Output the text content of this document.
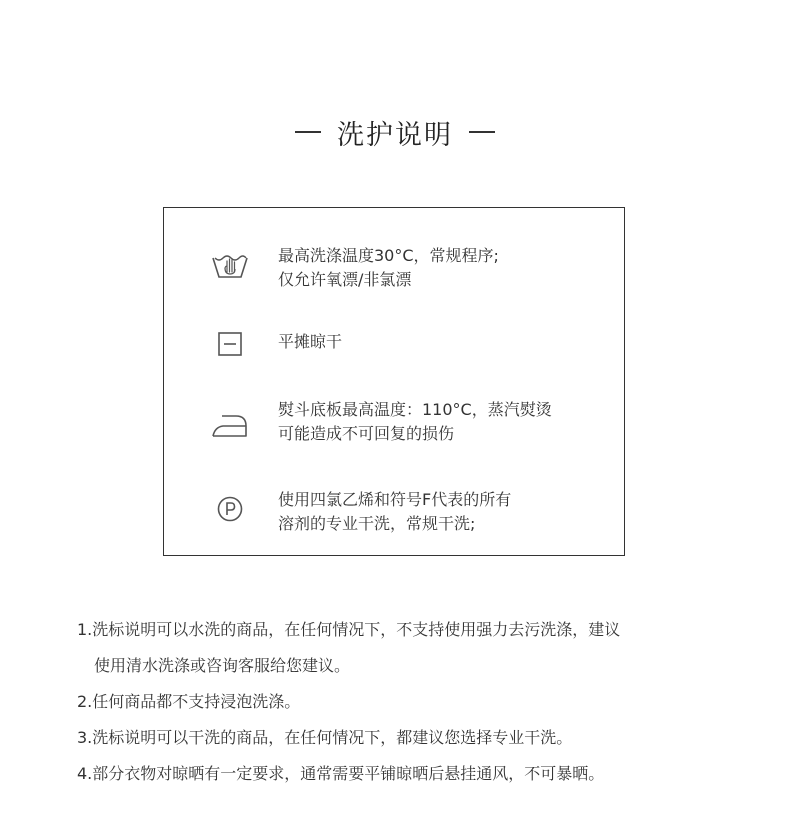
洗护说明
最高洗涤温度30°C，常规程序;
仅允许氧漂/非氯漂
平摊晾干
熨斗底板最高温度：110°C，蒸汽熨烫
可能造成不可回复的损伤
使用四氯乙烯和符号F代表的所有
溶剂的专业干洗，常规干洗;
1.洗标说明可以水洗的商品，在任何情况下，不支持使用强力去污洗涤，建议
使用清水洗涤或咨询客服给您建议。
2.任何商品都不支持浸泡洗涤。
3.洗标说明可以干洗的商品，在任何情况下，都建议您选择专业干洗。
4.部分衣物对晾晒有一定要求，通常需要平铺晾晒后悬挂通风，不可暴晒。
